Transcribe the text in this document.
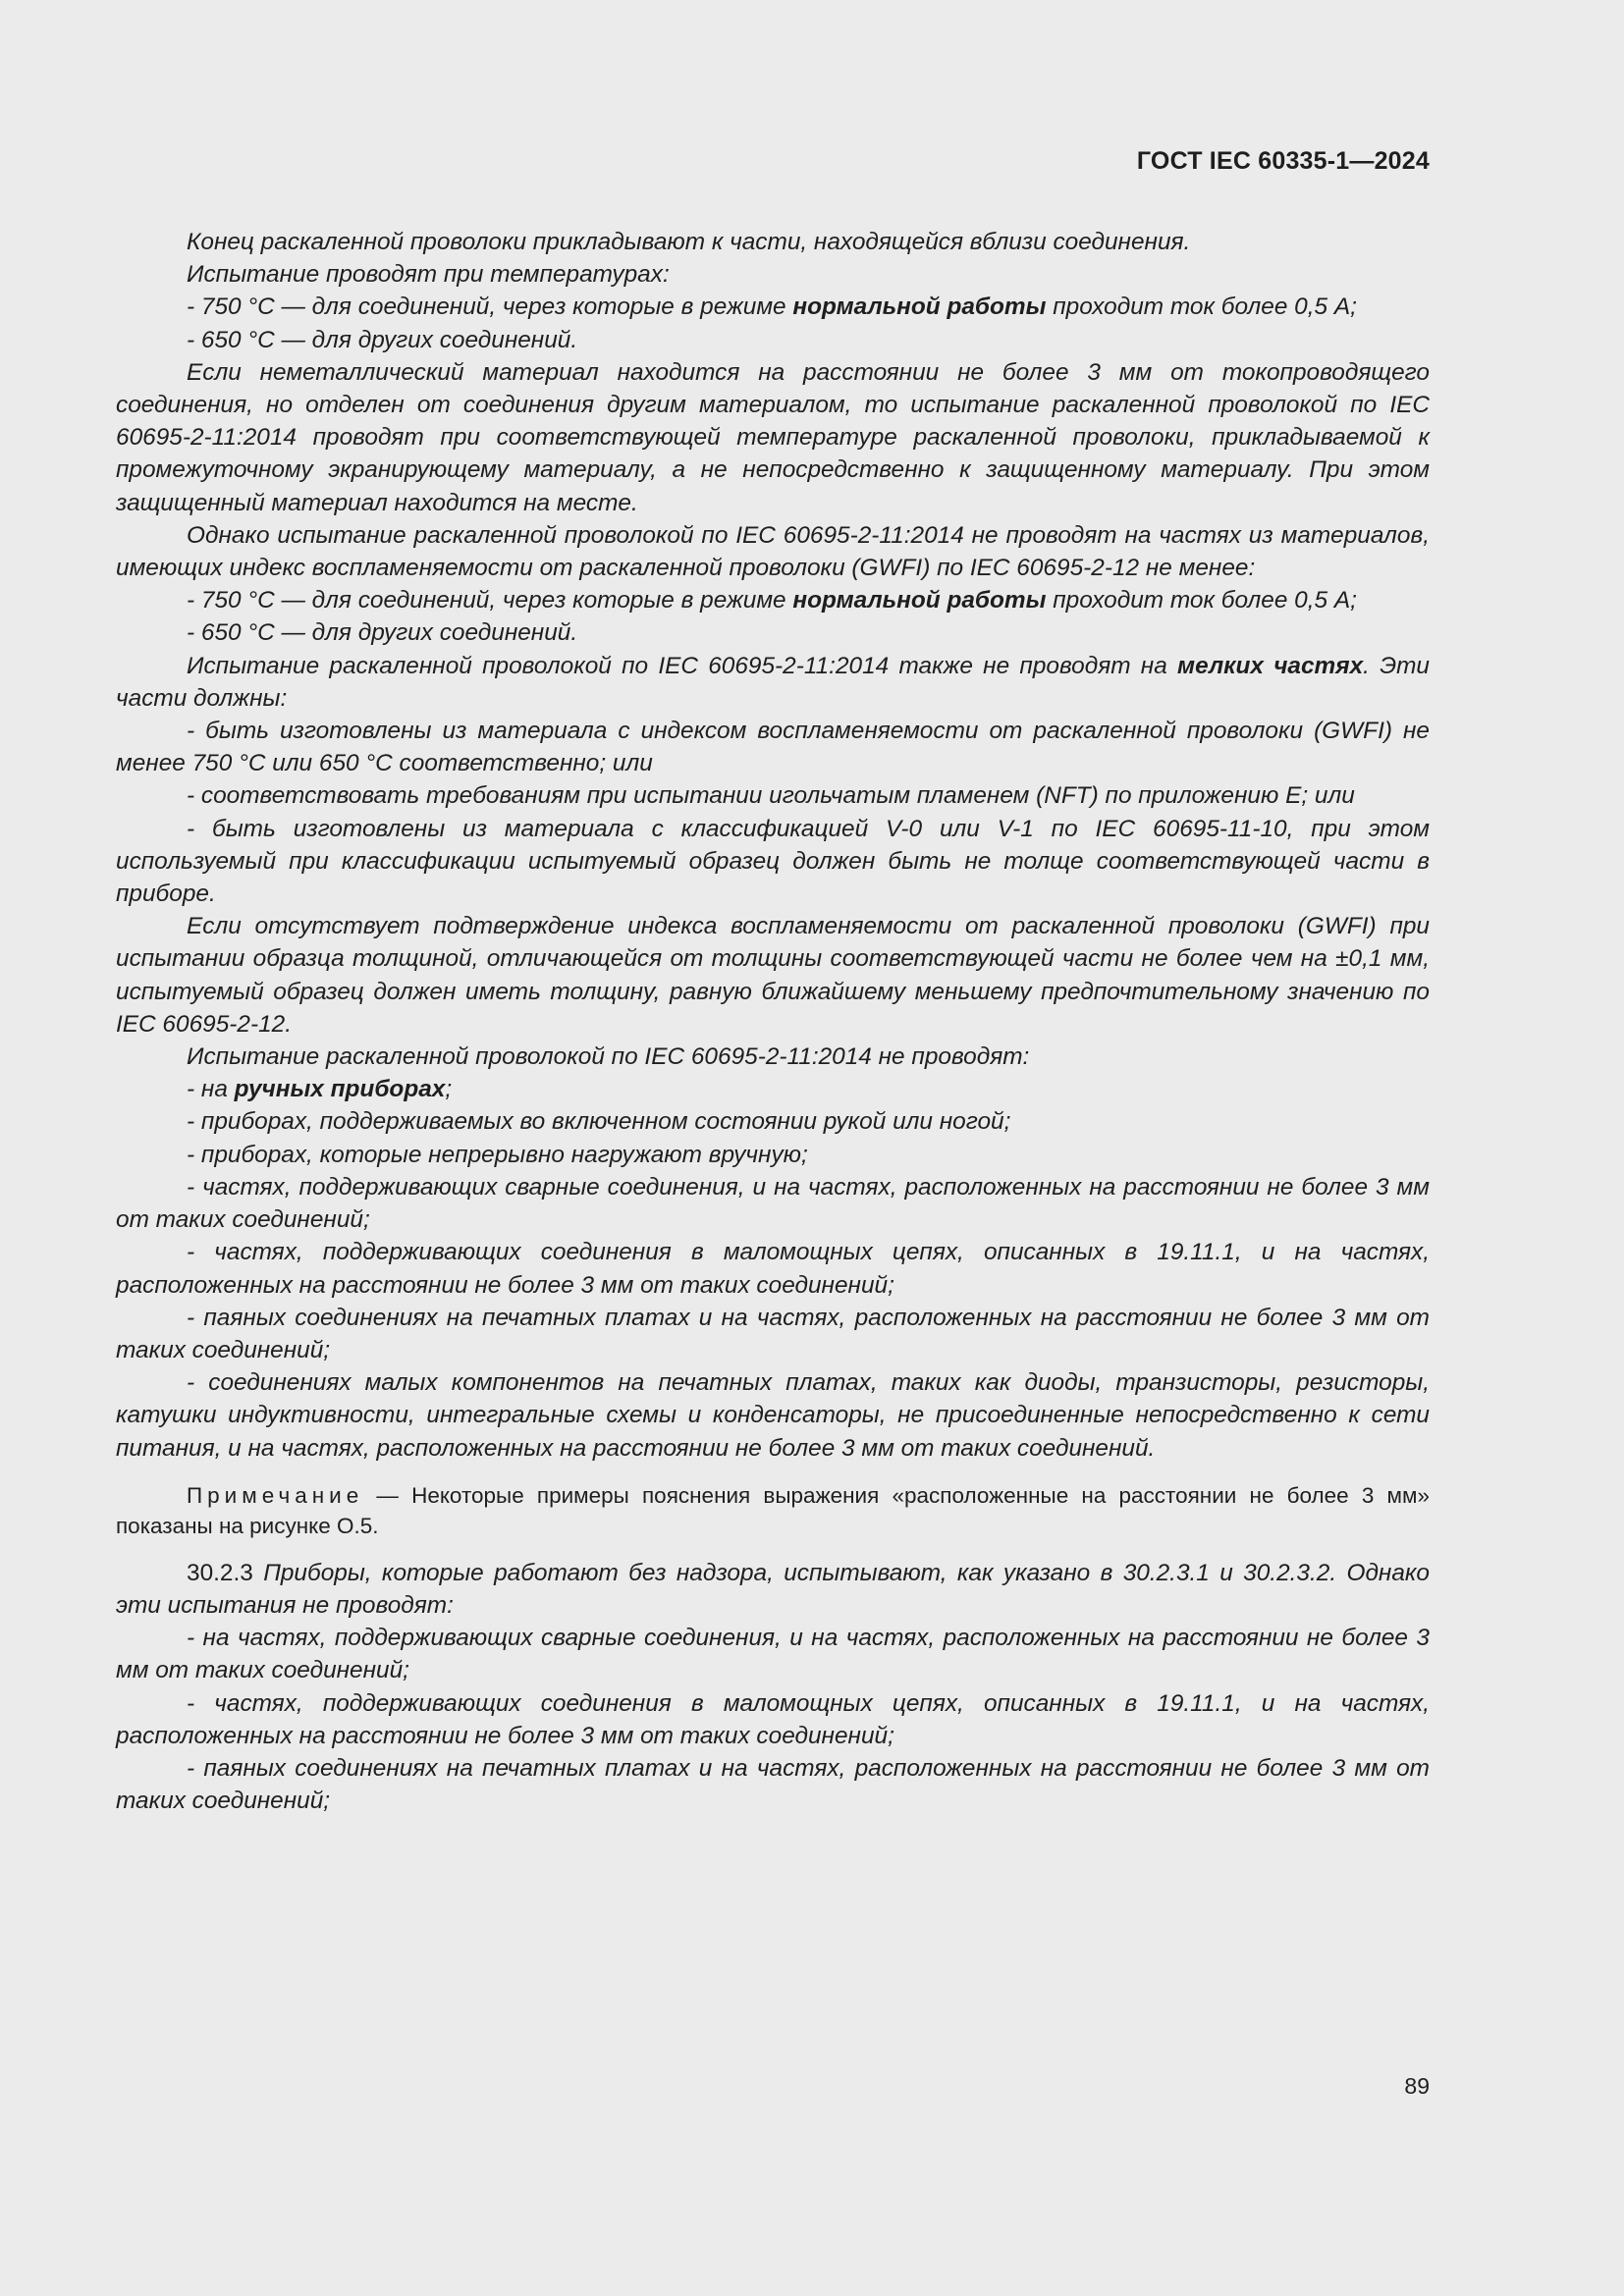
ГОСТ IEC 60335-1—2024

Конец раскаленной проволоки прикладывают к части, находящейся вблизи соединения.

Испытание проводят при температурах:

- 750 °C — для соединений, через которые в режиме нормальной работы проходит ток более 0,5 А;

- 650 °C — для других соединений.

Если неметаллический материал находится на расстоянии не более 3 мм от токопроводящего соединения, но отделен от соединения другим материалом, то испытание раскаленной проволокой по IEC 60695-2-11:2014 проводят при соответствующей температуре раскаленной проволоки, прикладываемой к промежуточному экранирующему материалу, а не непосредственно к защищенному материалу. При этом защищенный материал находится на месте.

Однако испытание раскаленной проволокой по IEC 60695-2-11:2014 не проводят на частях из материалов, имеющих индекс воспламеняемости от раскаленной проволоки (GWFI) по IEC 60695-2-12 не менее:

- 750 °C — для соединений, через которые в режиме нормальной работы проходит ток более 0,5 А;

- 650 °C — для других соединений.

Испытание раскаленной проволокой по IEC 60695-2-11:2014 также не проводят на мелких частях. Эти части должны:

- быть изготовлены из материала с индексом воспламеняемости от раскаленной проволоки (GWFI) не менее 750 °C или 650 °C соответственно; или

- соответствовать требованиям при испытании игольчатым пламенем (NFT) по приложению E; или

- быть изготовлены из материала с классификацией V-0 или V-1 по IEC 60695-11-10, при этом используемый при классификации испытуемый образец должен быть не толще соответствующей части в приборе.

Если отсутствует подтверждение индекса воспламеняемости от раскаленной проволоки (GWFI) при испытании образца толщиной, отличающейся от толщины соответствующей части не более чем на ±0,1 мм, испытуемый образец должен иметь толщину, равную ближайшему меньшему предпочтительному значению по IEC 60695-2-12.

Испытание раскаленной проволокой по IEC 60695-2-11:2014 не проводят:

- на ручных приборах;

- приборах, поддерживаемых во включенном состоянии рукой или ногой;

- приборах, которые непрерывно нагружают вручную;

- частях, поддерживающих сварные соединения, и на частях, расположенных на расстоянии не более 3 мм от таких соединений;

- частях, поддерживающих соединения в маломощных цепях, описанных в 19.11.1, и на частях, расположенных на расстоянии не более 3 мм от таких соединений;

- паяных соединениях на печатных платах и на частях, расположенных на расстоянии не более 3 мм от таких соединений;

- соединениях малых компонентов на печатных платах, таких как диоды, транзисторы, резисторы, катушки индуктивности, интегральные схемы и конденсаторы, не присоединенные непосредственно к сети питания, и на частях, расположенных на расстоянии не более 3 мм от таких соединений.

Примечание — Некоторые примеры пояснения выражения «расположенные на расстоянии не более 3 мм» показаны на рисунке O.5.

30.2.3 Приборы, которые работают без надзора, испытывают, как указано в 30.2.3.1 и 30.2.3.2. Однако эти испытания не проводят:

- на частях, поддерживающих сварные соединения, и на частях, расположенных на расстоянии не более 3 мм от таких соединений;

- частях, поддерживающих соединения в маломощных цепях, описанных в 19.11.1, и на частях, расположенных на расстоянии не более 3 мм от таких соединений;

- паяных соединениях на печатных платах и на частях, расположенных на расстоянии не более 3 мм от таких соединений;

89
